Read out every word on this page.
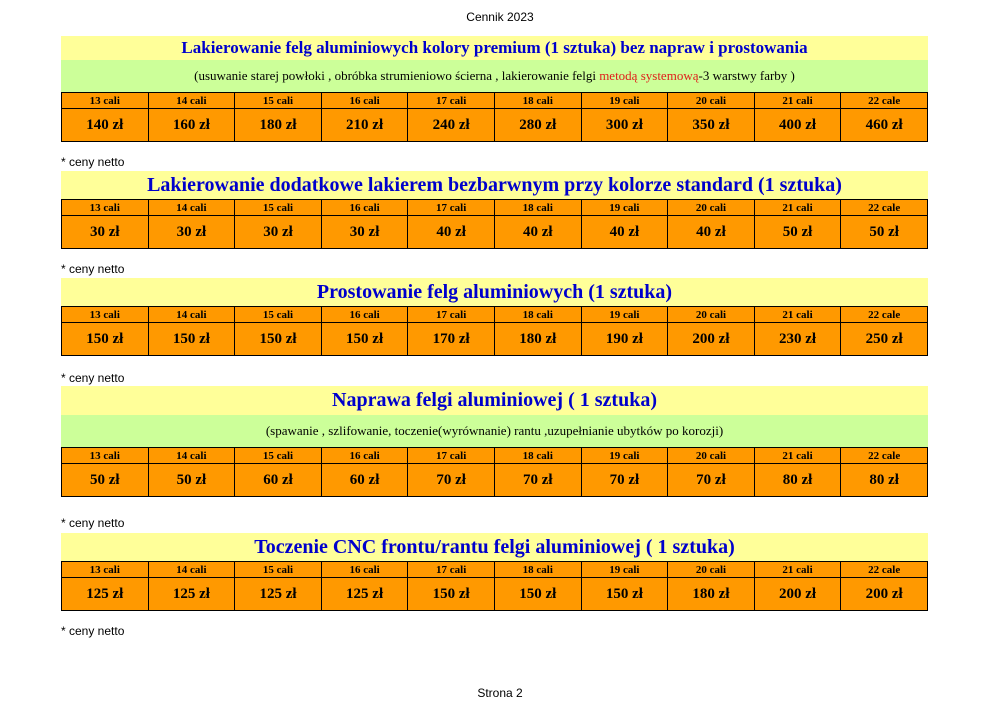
Cennik 2023
Lakierowanie felg aluminiowych kolory premium (1 sztuka) bez napraw i prostowania
(usuwanie starej powłoki , obróbka strumieniowo ścierna , lakierowanie felgi metodą systemową-3 warstwy farby )
13 cali	14 cali	15 cali	16 cali	17 cali	18 cali	19 cali	20 cali	21 cali	22 cale
140 zł	160 zł	180 zł	210 zł	240 zł	280 zł	300 zł	350 zł	400 zł	460 zł
* ceny netto
Lakierowanie dodatkowe lakierem bezbarwnym przy kolorze standard (1 sztuka)
13 cali	14 cali	15 cali	16 cali	17 cali	18 cali	19 cali	20 cali	21 cali	22 cale
30 zł	30 zł	30 zł	30 zł	40 zł	40 zł	40 zł	40 zł	50 zł	50 zł
* ceny netto
Prostowanie felg aluminiowych (1 sztuka)
13 cali	14 cali	15 cali	16 cali	17 cali	18 cali	19 cali	20 cali	21 cali	22 cale
150 zł	150 zł	150 zł	150 zł	170 zł	180 zł	190 zł	200 zł	230 zł	250 zł
* ceny netto
Naprawa felgi aluminiowej ( 1 sztuka)
(spawanie , szlifowanie, toczenie(wyrównanie) rantu ,uzupełnianie ubytków po korozji)
13 cali	14 cali	15 cali	16 cali	17 cali	18 cali	19 cali	20 cali	21 cali	22 cale
50 zł	50 zł	60 zł	60 zł	70 zł	70 zł	70 zł	70 zł	80 zł	80 zł
* ceny netto
Toczenie CNC frontu/rantu felgi aluminiowej ( 1 sztuka)
13 cali	14 cali	15 cali	16 cali	17 cali	18 cali	19 cali	20 cali	21 cali	22 cale
125 zł	125 zł	125 zł	125 zł	150 zł	150 zł	150 zł	180 zł	200 zł	200 zł
* ceny netto
Strona 2
